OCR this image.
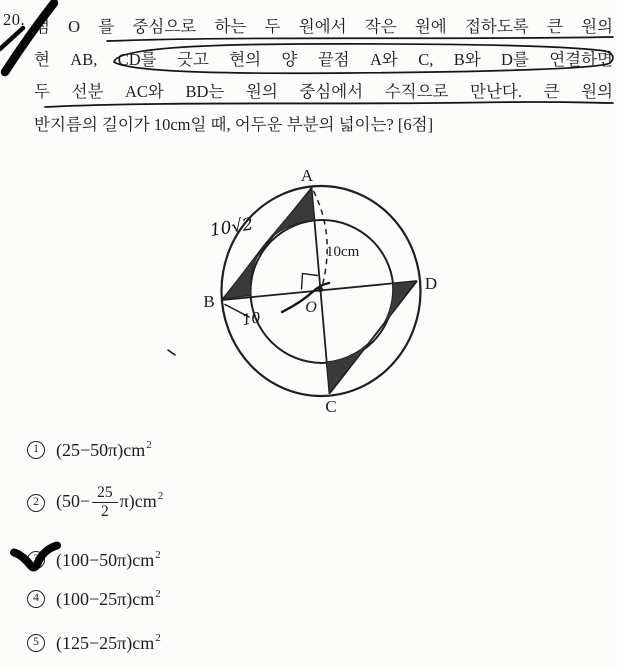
20. 점 O 를 중심으로 하는 두 원에서 작은 원에 접하도록 큰 원의
현 AB, CD를 긋고 현의 양 끝점 A와 C, B와 D를 연결하면
두 선분 AC와 BD는 원의 중심에서 수직으로 만난다. 큰 원의
반지름의 길이가 10cm일 때, 어두운 부분의 넓이는? [6점]
1 $(25-50\pi)cm^2$
2 $(50- \frac{25}{2} \pi)cm^2$
3 $(100-50\pi)cm^2$
4 $(100-25\pi)cm^2$
5 $(125-25\pi)cm^2$
A
B
C
D
O
10cm
10√2
10
